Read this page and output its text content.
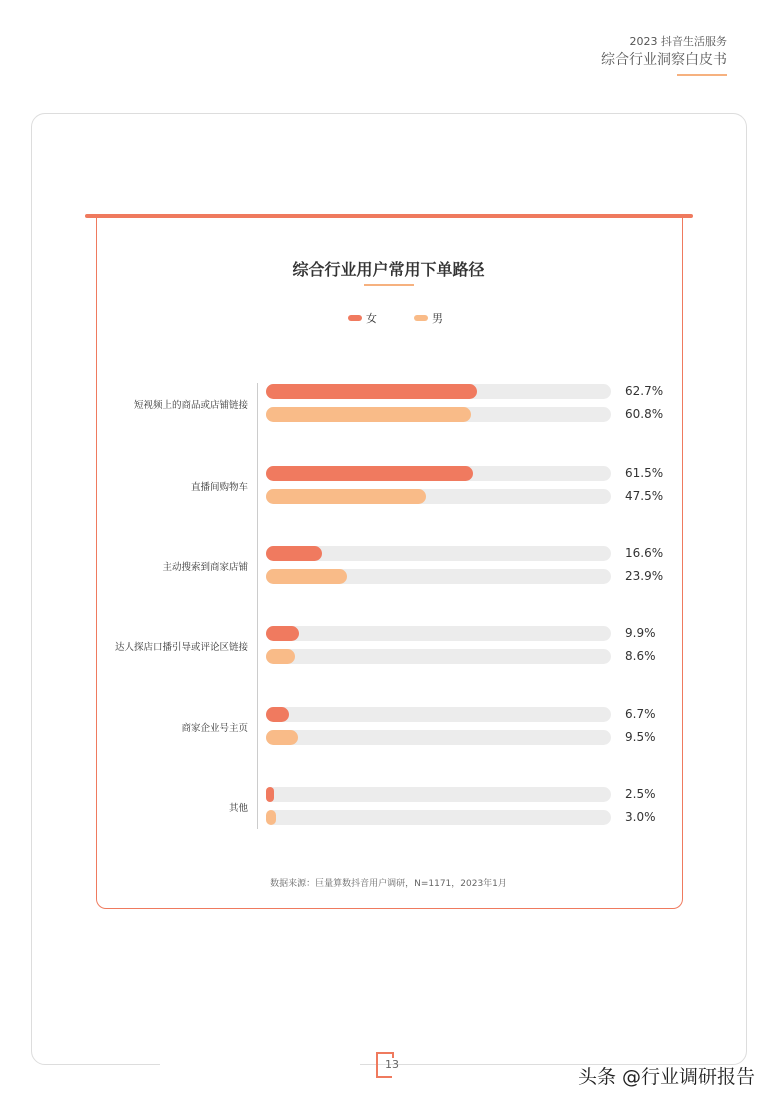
2023 抖音生活服务
综合行业洞察白皮书
综合行业用户常用下单路径
女	男
短视频上的商品或店铺链接
62.7%
60.8%
直播间购物车
61.5%
47.5%
主动搜索到商家店铺
16.6%
23.9%
达人探店口播引导或评论区链接
9.9%
8.6%
商家企业号主页
6.7%
9.5%
其他
2.5%
3.0%
数据来源：巨量算数抖音用户调研，N=1171，2023年1月
13
头条 @行业调研报告
